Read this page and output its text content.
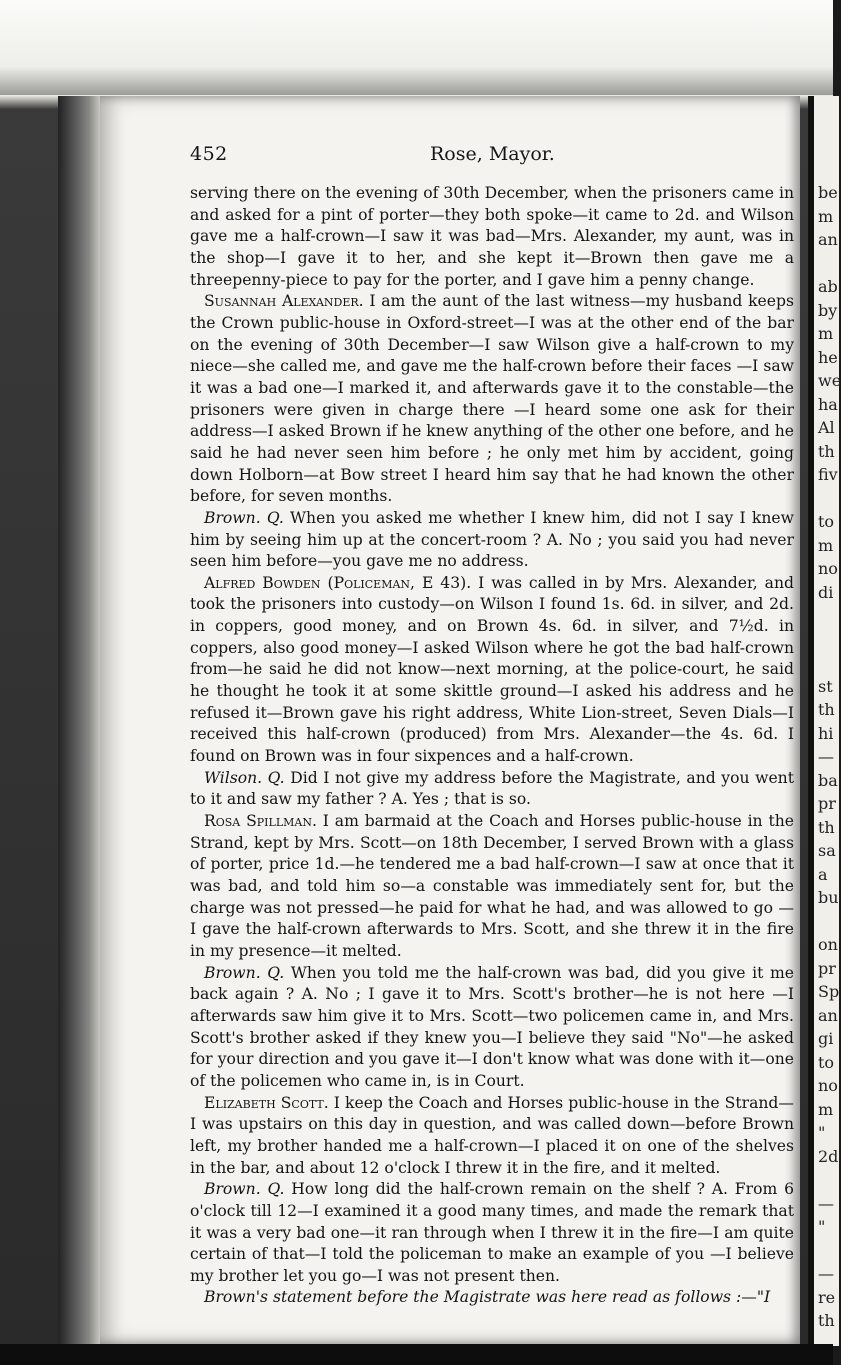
452	Rose, Mayor.

serving there on the evening of 30th December, when the prisoners came in and asked for a pint of porter—they both spoke—it came to 2d. and Wilson gave me a half-crown—I saw it was bad—Mrs. Alexander, my aunt, was in the shop—I gave it to her, and she kept it—Brown then gave me a threepenny-piece to pay for the porter, and I gave him a penny change.

Susannah Alexander. I am the aunt of the last witness—my husband keeps the Crown public-house in Oxford-street—I was at the other end of the bar on the evening of 30th December—I saw Wilson give a half-crown to my niece—she called me, and gave me the half-crown before their faces —I saw it was a bad one—I marked it, and afterwards gave it to the constable—the prisoners were given in charge there —I heard some one ask for their address—I asked Brown if he knew anything of the other one before, and he said he had never seen him before ; he only met him by accident, going down Holborn—at Bow street I heard him say that he had known the other before, for seven months.

Brown. Q. When you asked me whether I knew him, did not I say I knew him by seeing him up at the concert-room ? A. No ; you said you had never seen him before—you gave me no address.

Alfred Bowden (Policeman, E 43). I was called in by Mrs. Alexander, and took the prisoners into custody—on Wilson I found 1s. 6d. in silver, and 2d. in coppers, good money, and on Brown 4s. 6d. in silver, and 7½d. in coppers, also good money—I asked Wilson where he got the bad half-crown from—he said he did not know—next morning, at the police-court, he said he thought he took it at some skittle ground—I asked his address and he refused it—Brown gave his right address, White Lion-street, Seven Dials—I received this half-crown (produced) from Mrs. Alexander—the 4s. 6d. I found on Brown was in four sixpences and a half-crown.

Wilson. Q. Did I not give my address before the Magistrate, and you went to it and saw my father ? A. Yes ; that is so.

Rosa Spillman. I am barmaid at the Coach and Horses public-house in the Strand, kept by Mrs. Scott—on 18th December, I served Brown with a glass of porter, price 1d.—he tendered me a bad half-crown—I saw at once that it was bad, and told him so—a constable was immediately sent for, but the charge was not pressed—he paid for what he had, and was allowed to go —I gave the half-crown afterwards to Mrs. Scott, and she threw it in the fire in my presence—it melted.

Brown. Q. When you told me the half-crown was bad, did you give it me back again ? A. No ; I gave it to Mrs. Scott's brother—he is not here —I afterwards saw him give it to Mrs. Scott—two policemen came in, and Mrs. Scott's brother asked if they knew you—I believe they said "No"—he asked for your direction and you gave it—I don't know what was done with it—one of the policemen who came in, is in Court.

Elizabeth Scott. I keep the Coach and Horses public-house in the Strand—I was upstairs on this day in question, and was called down—before Brown left, my brother handed me a half-crown—I placed it on one of the shelves in the bar, and about 12 o'clock I threw it in the fire, and it melted.

Brown. Q. How long did the half-crown remain on the shelf ? A. From 6 o'clock till 12—I examined it a good many times, and made the remark that it was a very bad one—it ran through when I threw it in the fire—I am quite certain of that—I told the policeman to make an example of you —I believe my brother let you go—I was not present then.

Brown's statement before the Magistrate was here read as follows :—"I

be
m
an
ab
by
m
he
we
ha
Al
th
fiv
to
m
no
di
st
th
hi
—
ba
pr
th
sa
a
bu
on
pr
Sp
an
gi
to
no
m
"
2d
—
"
—
re
th
